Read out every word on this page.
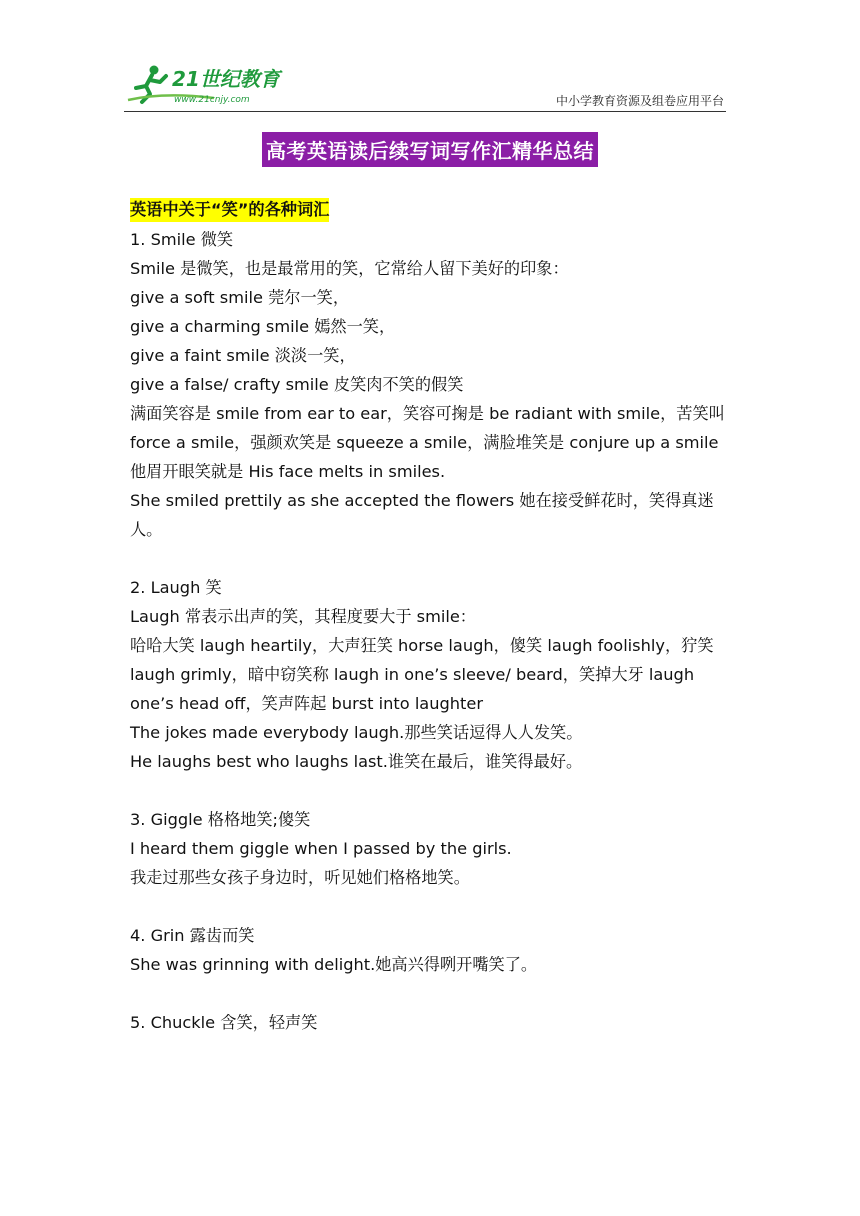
21世纪教育
www.21cnjy.com	中小学教育资源及组卷应用平台
高考英语读后续写词写作汇精华总结
英语中关于“笑”的各种词汇

1. Smile 微笑

Smile 是微笑，也是最常用的笑，它常给人留下美好的印象：

give a soft smile 莞尔一笑，

give a charming smile 嫣然一笑，

give a faint smile 淡淡一笑，

give a false/ crafty smile 皮笑肉不笑的假笑

满面笑容是 smile from ear to ear，笑容可掬是 be radiant with smile，苦笑叫 force a smile，强颜欢笑是 squeeze a smile，满脸堆笑是 conjure up a smile

他眉开眼笑就是 His face melts in smiles.

She smiled prettily as she accepted the flowers 她在接受鲜花时，笑得真迷人。

2. Laugh 笑

Laugh 常表示出声的笑，其程度要大于 smile：

哈哈大笑 laugh heartily，大声狂笑 horse laugh，傻笑 laugh foolishly，狞笑 laugh grimly，暗中窃笑称 laugh in one’s sleeve/ beard，笑掉大牙 laugh one’s head off，笑声阵起 burst into laughter

The jokes made everybody laugh.那些笑话逗得人人发笑。

He laughs best who laughs last.谁笑在最后，谁笑得最好。

3. Giggle 格格地笑;傻笑

I heard them giggle when I passed by the girls.

我走过那些女孩子身边时，听见她们格格地笑。

4. Grin 露齿而笑

She was grinning with delight.她高兴得咧开嘴笑了。

5. Chuckle 含笑，轻声笑
